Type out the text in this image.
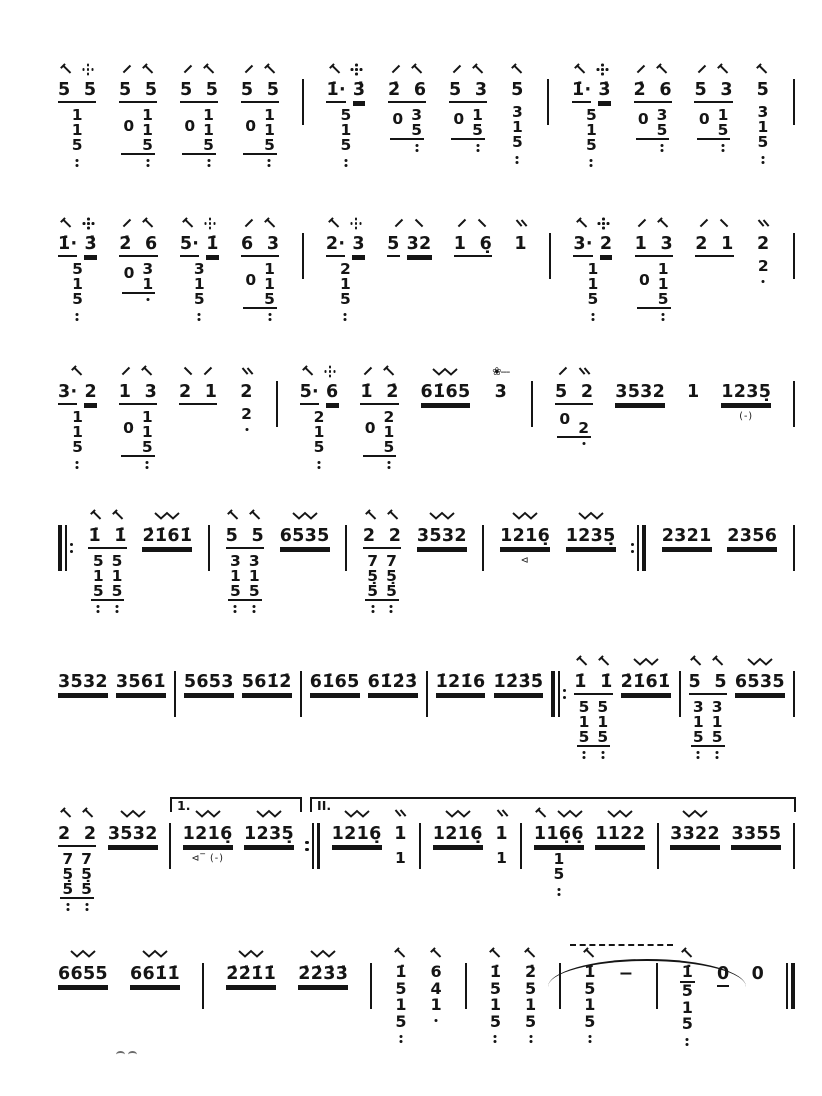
5 5
1
1
5
5 5
0
1
1
5
5 5
0
1
1
5
5 5
0
1
1
5
1̇· 3̇
5
1
5
2̇ 6
0 3
5
5 3
0 1
5
5
3
1
5
1̇· 3̇
5
1
5
2̇ 6
0 3
5
5 3
0 1
5
5
3
1
5
1̇· 3̇
5
1
5
2̇ 6
0 3
1
5· 1̇
3
1
5
6 3
0
1
1
5
2· 3
2
1
5
5 32 1 6̣ 1	3· 2
1
1
5
1 3
0
1
1
5
2 1 2
2
3· 2
1
1
5
1 3
0
1
1
5
2 1 2
2
5· 6
2
1
5
1̇ 2̇
0
2
1
5
61̇65
❀---
3	5 2
0 2
3532 1 1235̣
(-)
1̇ 1̇
5
1
5
5
1
5
2̇1̇61̇ 5 5
3
1
5
3
1
5
6535 2 2
7
5̣
5
7
5̣
5
3532 1216̣
⊲
1235̣	2321 2356
3532 3561̇ 5653 561̇2̇ 61̇65 61̇2̇3̇ 1̇21̇6 1̇2̇3̇5̇ 1̇ 1̇
5
1
5
5
1
5
2̇1̇61̇ 5 5
3
1
5
3
1
5
6535
1.	II.
2 2
7
5̣
5
7
5̣
5
3532 1216̣
⊲‾ (-)
1235̣ 1216̣ 1
1
1216̣ 1
1
116̣6̣
1
5
1122 3322 3355
6655 661̇1̇	2̇2̇1̇1̇ 2̇2̇3̇3̇	1̇
5
1
5
6
4
1
1̇
5
1
5
2̇
5
1
5
1̇
5
1
5
−	1̇
5
1
5
0 0
